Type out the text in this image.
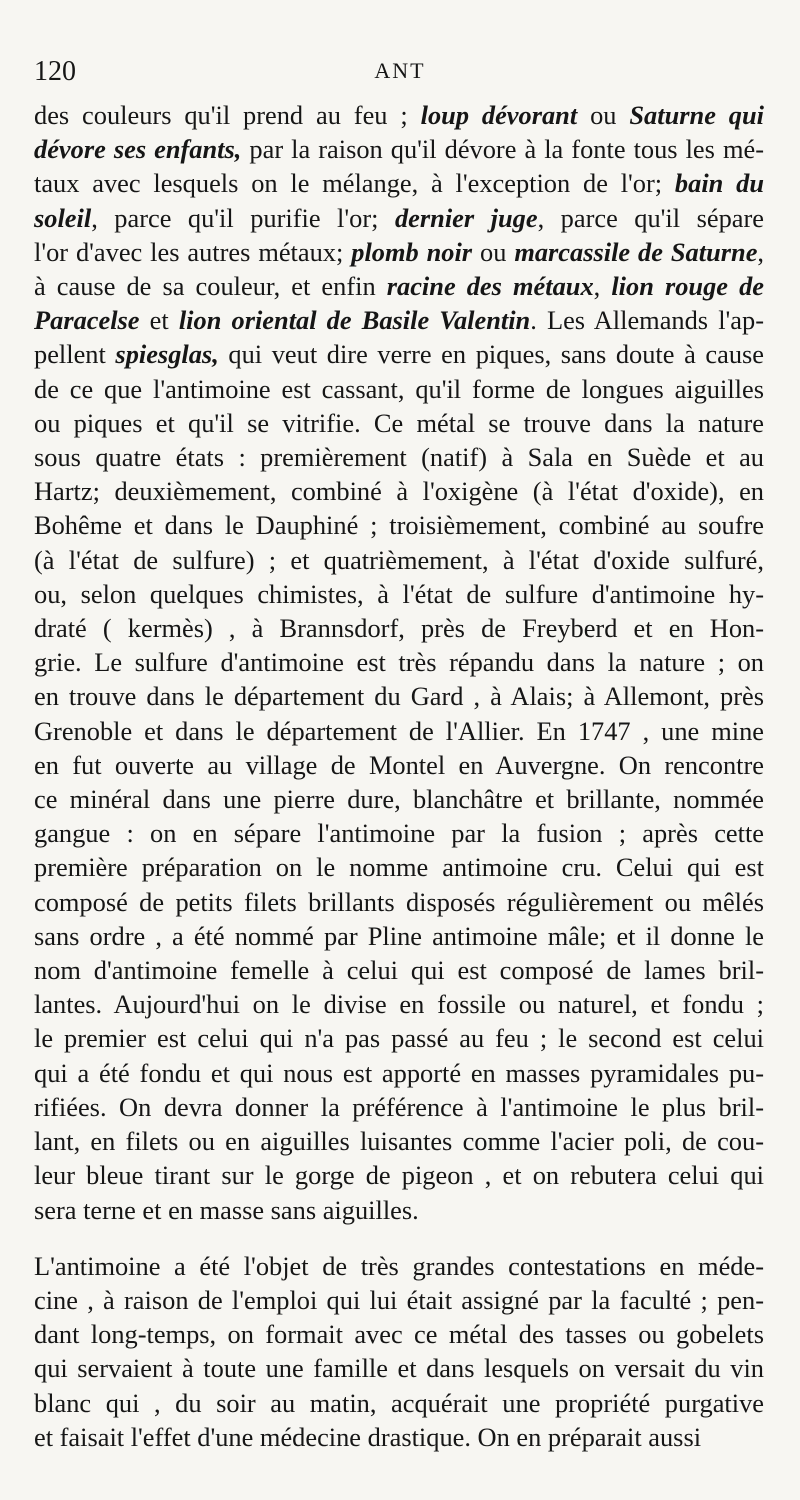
120	ANT
des couleurs qu'il prend au feu ; loup dévorant ou Saturne qui
dévore ses enfants, par la raison qu'il dévore à la fonte tous les mé-
taux avec lesquels on le mélange, à l'exception de l'or; bain du
soleil, parce qu'il purifie l'or; dernier juge, parce qu'il sépare
l'or d'avec les autres métaux; plomb noir ou marcassile de Saturne,
à cause de sa couleur, et enfin racine des métaux, lion rouge de
Paracelse et lion oriental de Basile Valentin. Les Allemands l'ap-
pellent spiesglas, qui veut dire verre en piques, sans doute à cause
de ce que l'antimoine est cassant, qu'il forme de longues aiguilles
ou piques et qu'il se vitrifie. Ce métal se trouve dans la nature
sous quatre états : premièrement (natif) à Sala en Suède et au
Hartz; deuxièmement, combiné à l'oxigène (à l'état d'oxide), en
Bohême et dans le Dauphiné ; troisièmement, combiné au soufre
(à l'état de sulfure) ; et quatrièmement, à l'état d'oxide sulfuré,
ou, selon quelques chimistes, à l'état de sulfure d'antimoine hy-
draté ( kermès) , à Brannsdorf, près de Freyberd et en Hon-
grie. Le sulfure d'antimoine est très répandu dans la nature ; on
en trouve dans le département du Gard , à Alais; à Allemont, près
Grenoble et dans le département de l'Allier. En 1747 , une mine
en fut ouverte au village de Montel en Auvergne. On rencontre
ce minéral dans une pierre dure, blanchâtre et brillante, nommée
gangue : on en sépare l'antimoine par la fusion ; après cette
première préparation on le nomme antimoine cru. Celui qui est
composé de petits filets brillants disposés régulièrement ou mêlés
sans ordre , a été nommé par Pline antimoine mâle; et il donne le
nom d'antimoine femelle à celui qui est composé de lames bril-
lantes. Aujourd'hui on le divise en fossile ou naturel, et fondu ;
le premier est celui qui n'a pas passé au feu ; le second est celui
qui a été fondu et qui nous est apporté en masses pyramidales pu-
rifiées. On devra donner la préférence à l'antimoine le plus bril-
lant, en filets ou en aiguilles luisantes comme l'acier poli, de cou-
leur bleue tirant sur le gorge de pigeon , et on rebutera celui qui
sera terne et en masse sans aiguilles.
L'antimoine a été l'objet de très grandes contestations en méde-
cine , à raison de l'emploi qui lui était assigné par la faculté ; pen-
dant long-temps, on formait avec ce métal des tasses ou gobelets
qui servaient à toute une famille et dans lesquels on versait du vin
blanc qui , du soir au matin, acquérait une propriété purgative
et faisait l'effet d'une médecine drastique. On en préparait aussi
